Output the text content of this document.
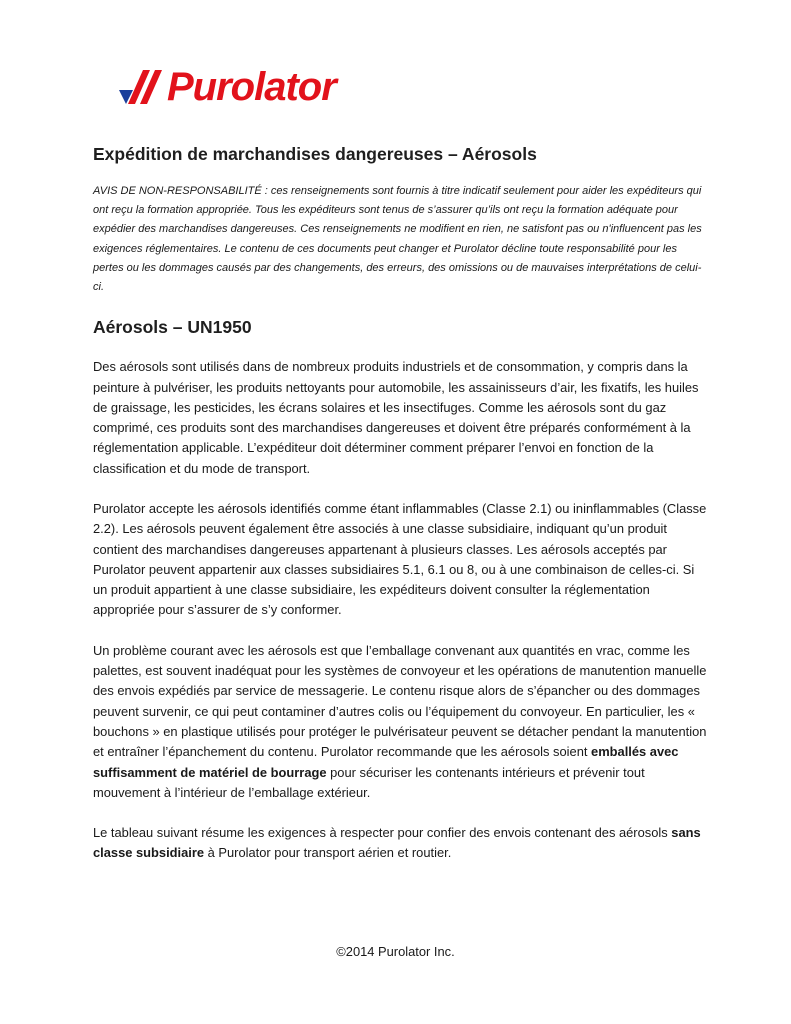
Purolator
Expédition de marchandises dangereuses – Aérosols

AVIS DE NON-RESPONSABILITÉ : ces renseignements sont fournis à titre indicatif seulement pour aider les expéditeurs qui ont reçu la formation appropriée. Tous les expéditeurs sont tenus de s’assurer qu’ils ont reçu la formation adéquate pour expédier des marchandises dangereuses. Ces renseignements ne modifient en rien, ne satisfont pas ou n'influencent pas les exigences réglementaires. Le contenu de ces documents peut changer et Purolator décline toute responsabilité pour les pertes ou les dommages causés par des changements, des erreurs, des omissions ou de mauvaises interprétations de celui-ci.

Aérosols – UN1950

Des aérosols sont utilisés dans de nombreux produits industriels et de consommation, y compris dans la peinture à pulvériser, les produits nettoyants pour automobile, les assainisseurs d’air, les fixatifs, les huiles de graissage, les pesticides, les écrans solaires et les insectifuges. Comme les aérosols sont du gaz comprimé, ces produits sont des marchandises dangereuses et doivent être préparés conformément à la réglementation applicable. L’expéditeur doit déterminer comment préparer l’envoi en fonction de la classification et du mode de transport.

Purolator accepte les aérosols identifiés comme étant inflammables (Classe 2.1) ou ininflammables (Classe 2.2). Les aérosols peuvent également être associés à une classe subsidiaire, indiquant qu’un produit contient des marchandises dangereuses appartenant à plusieurs classes. Les aérosols acceptés par Purolator peuvent appartenir aux classes subsidiaires 5.1, 6.1 ou 8, ou à une combinaison de celles-ci. Si un produit appartient à une classe subsidiaire, les expéditeurs doivent consulter la réglementation appropriée pour s’assurer de s’y conformer.

Un problème courant avec les aérosols est que l’emballage convenant aux quantités en vrac, comme les palettes, est souvent inadéquat pour les systèmes de convoyeur et les opérations de manutention manuelle des envois expédiés par service de messagerie. Le contenu risque alors de s’épancher ou des dommages peuvent survenir, ce qui peut contaminer d’autres colis ou l’équipement du convoyeur. En particulier, les « bouchons » en plastique utilisés pour protéger le pulvérisateur peuvent se détacher pendant la manutention et entraîner l’épanchement du contenu. Purolator recommande que les aérosols soient emballés avec suffisamment de matériel de bourrage pour sécuriser les contenants intérieurs et prévenir tout mouvement à l’intérieur de l’emballage extérieur.

Le tableau suivant résume les exigences à respecter pour confier des envois contenant des aérosols sans classe subsidiaire à Purolator pour transport aérien et routier.

©2014 Purolator Inc.
